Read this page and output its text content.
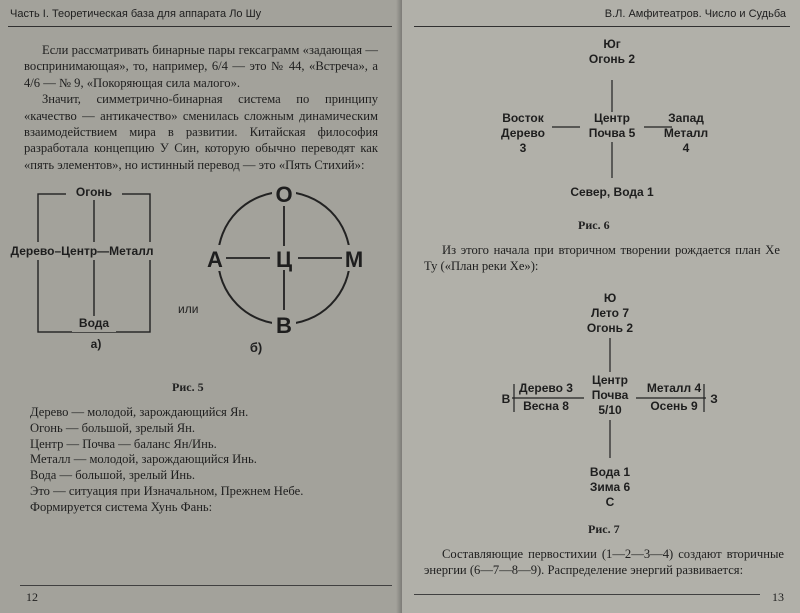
Часть I. Теоретическая база для аппарата Ло Шу

Если рассматривать бинарные пары гексаграмм «задающая — воспринимающая», то, например, 6/4 — это № 44, «Встреча», а 4/6 — № 9, «Покоряющая сила малого».

Значит, симметрично-бинарная система по принципу «качество — антикачество» сменилась сложным динамическим взаимодействием мира в развитии. Китайская философия разработала концепцию У Син, которую обычно переводят как «пять элементов», но истинный перевод — это «Пять Стихий»:

Огонь
Дерево–Центр—Металл
Вода
а)
или
О
А Ц М
В
б)
Рис. 5
Дерево — молодой, зарождающийся Ян.
Огонь — большой, зрелый Ян.
Центр — Почва — баланс Ян/Инь.
Металл — молодой, зарождающийся Инь.
Вода — большой, зрелый Инь.
Это — ситуация при Изначальном, Прежнем Небе.
Формируется система Хунь Фань:
12
В.Л. Амфитеатров. Число и Судьба
Юг
Огонь 2
Восток
Дерево
3
Центр
Почва 5
Запад
Металл
4
Север, Вода 1
Рис. 6

Из этого начала при вторичном творении рождается план Хе Ту («План реки Хе»):

Ю
Лето 7
Огонь 2
В
Дерево 3
Весна 8
Центр
Почва
5/10
Металл 4
Осень 9 З
Вода 1
Зима 6
С
Рис. 7

Составляющие первостихии (1—2—3—4) создают вторичные энергии (6—7—8—9). Распределение энергий развивается:

13
